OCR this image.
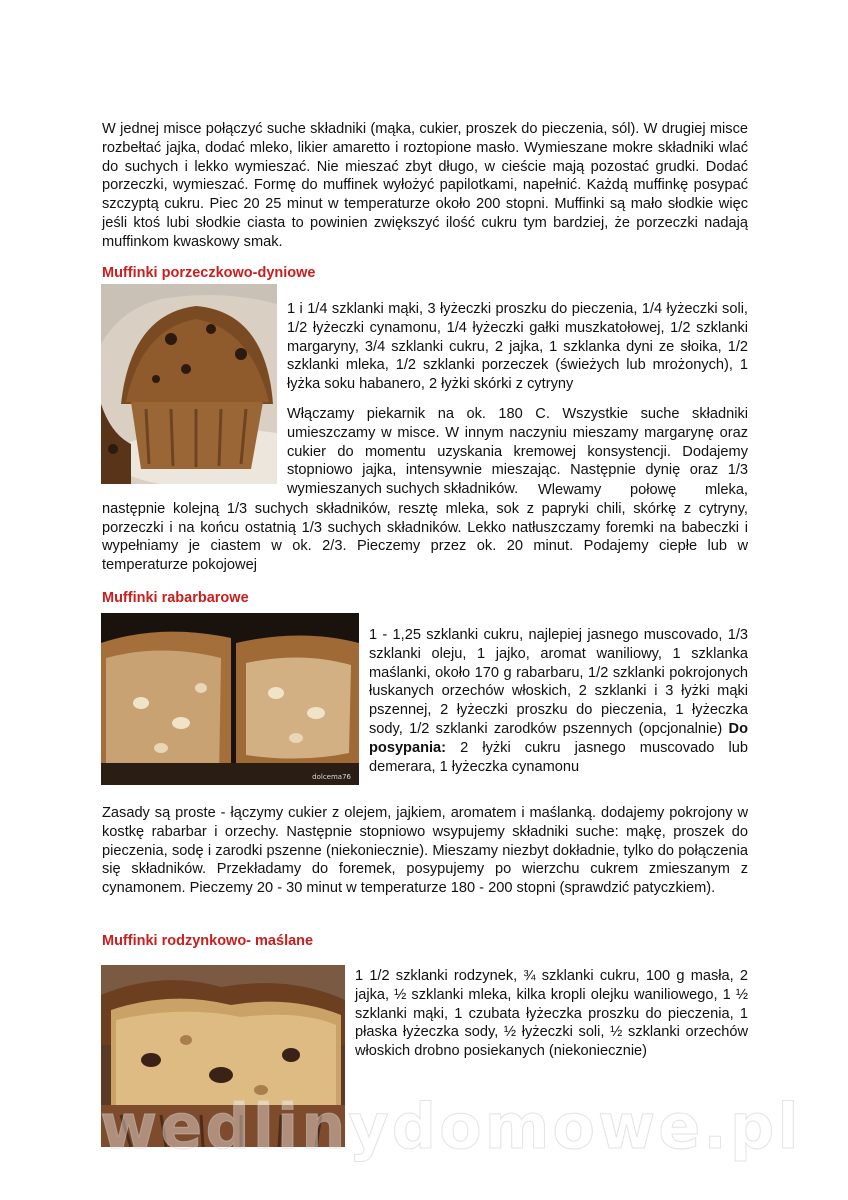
W jednej misce połączyć suche składniki (mąka, cukier, proszek do pieczenia, sól). W drugiej misce rozbełtać jajka, dodać mleko, likier amaretto i roztopione masło. Wymieszane mokre składniki wlać do suchych i lekko wymieszać. Nie mieszać zbyt długo, w cieście mają pozostać grudki. Dodać porzeczki, wymieszać. Formę do muffinek wyłożyć papilotkami, napełnić. Każdą muffinkę posypać szczyptą cukru. Piec 20 25 minut w temperaturze około 200 stopni. Muffinki są mało słodkie więc jeśli ktoś lubi słodkie ciasta to powinien zwiększyć ilość cukru tym bardziej, że porzeczki nadają muffinkom kwaskowy smak.

Muffinki porzeczkowo-dyniowe

1 i 1/4 szklanki mąki, 3 łyżeczki proszku do pieczenia, 1/4 łyżeczki soli, 1/2 łyżeczki cynamonu, 1/4 łyżeczki gałki muszkatołowej, 1/2 szklanki margaryny, 3/4 szklanki cukru, 2 jajka, 1 szklanka dyni ze słoika, 1/2 szklanki mleka, 1/2 szklanki porzeczek (świeżych lub mrożonych), 1 łyżka soku habanero, 2 łyżki skórki z cytryny

Włączamy piekarnik na ok. 180 C. Wszystkie suche składniki umieszczamy w misce. W innym naczyniu mieszamy margarynę oraz cukier do momentu uzyskania kremowej konsystencji. Dodajemy stopniowo jajka, intensywnie mieszając. Następnie dynię oraz 1/3 wymieszanych suchych składników.	Wlewamy połowę mleka, następnie kolejną 1/3 suchych składników, resztę mleka, sok z papryki chili, skórkę z cytryny, porzeczki i na końcu ostatnią 1/3 suchych składników. Lekko natłuszczamy foremki na babeczki i wypełniamy je ciastem w ok. 2/3. Pieczemy przez ok. 20 minut. Podajemy ciepłe lub w temperaturze pokojowej

Muffinki rabarbarowe

dolcema76
1 - 1,25 szklanki cukru, najlepiej jasnego muscovado, 1/3 szklanki oleju, 1 jajko, aromat waniliowy, 1 szklanka maślanki, około 170 g rabarbaru, 1/2 szklanki pokrojonych łuskanych orzechów włoskich, 2 szklanki i 3 łyżki mąki pszennej, 2 łyżeczki proszku do pieczenia, 1 łyżeczka sody, 1/2 szklanki zarodków pszennych (opcjonalnie) Do posypania: 2 łyżki cukru jasnego muscovado lub demerara, 1 łyżeczka cynamonu

Zasady są proste - łączymy cukier z olejem, jajkiem, aromatem i maślanką. dodajemy pokrojony w kostkę rabarbar i orzechy. Następnie stopniowo wsypujemy składniki suche: mąkę, proszek do pieczenia, sodę i zarodki pszenne (niekoniecznie). Mieszamy niezbyt dokładnie, tylko do połączenia się składników. Przekładamy do foremek, posypujemy po wierzchu cukrem zmieszanym z cynamonem. Pieczemy 20 - 30 minut w temperaturze 180 - 200 stopni (sprawdzić patyczkiem).

Muffinki rodzynkowo- maślane

1 1/2 szklanki rodzynek, ¾ szklanki cukru, 100 g masła, 2 jajka, ½ szklanki mleka, kilka kropli olejku waniliowego, 1 ½ szklanki mąki, 1 czubata łyżeczka proszku do pieczenia, 1 płaska łyżeczka sody, ½ łyżeczki soli, ½ szklanki orzechów włoskich drobno posiekanych (niekoniecznie)

wedlinydomowe.pl
